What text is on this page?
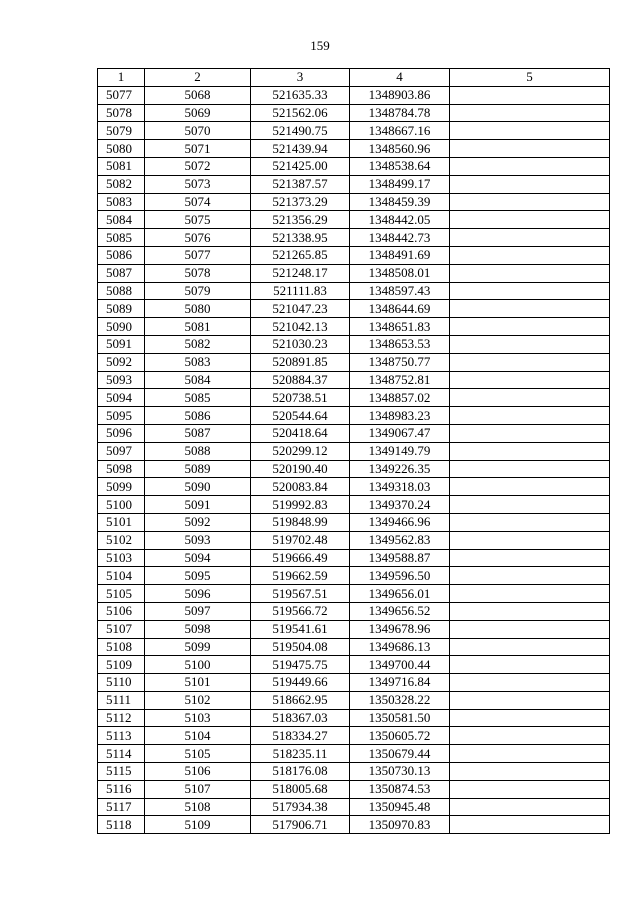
159
1	2	3	4	5
5077	5068	521635.33	1348903.86	
5078	5069	521562.06	1348784.78	
5079	5070	521490.75	1348667.16	
5080	5071	521439.94	1348560.96	
5081	5072	521425.00	1348538.64	
5082	5073	521387.57	1348499.17	
5083	5074	521373.29	1348459.39	
5084	5075	521356.29	1348442.05	
5085	5076	521338.95	1348442.73	
5086	5077	521265.85	1348491.69	
5087	5078	521248.17	1348508.01	
5088	5079	521111.83	1348597.43	
5089	5080	521047.23	1348644.69	
5090	5081	521042.13	1348651.83	
5091	5082	521030.23	1348653.53	
5092	5083	520891.85	1348750.77	
5093	5084	520884.37	1348752.81	
5094	5085	520738.51	1348857.02	
5095	5086	520544.64	1348983.23	
5096	5087	520418.64	1349067.47	
5097	5088	520299.12	1349149.79	
5098	5089	520190.40	1349226.35	
5099	5090	520083.84	1349318.03	
5100	5091	519992.83	1349370.24	
5101	5092	519848.99	1349466.96	
5102	5093	519702.48	1349562.83	
5103	5094	519666.49	1349588.87	
5104	5095	519662.59	1349596.50	
5105	5096	519567.51	1349656.01	
5106	5097	519566.72	1349656.52	
5107	5098	519541.61	1349678.96	
5108	5099	519504.08	1349686.13	
5109	5100	519475.75	1349700.44	
5110	5101	519449.66	1349716.84	
5111	5102	518662.95	1350328.22	
5112	5103	518367.03	1350581.50	
5113	5104	518334.27	1350605.72	
5114	5105	518235.11	1350679.44	
5115	5106	518176.08	1350730.13	
5116	5107	518005.68	1350874.53	
5117	5108	517934.38	1350945.48	
5118	5109	517906.71	1350970.83	
